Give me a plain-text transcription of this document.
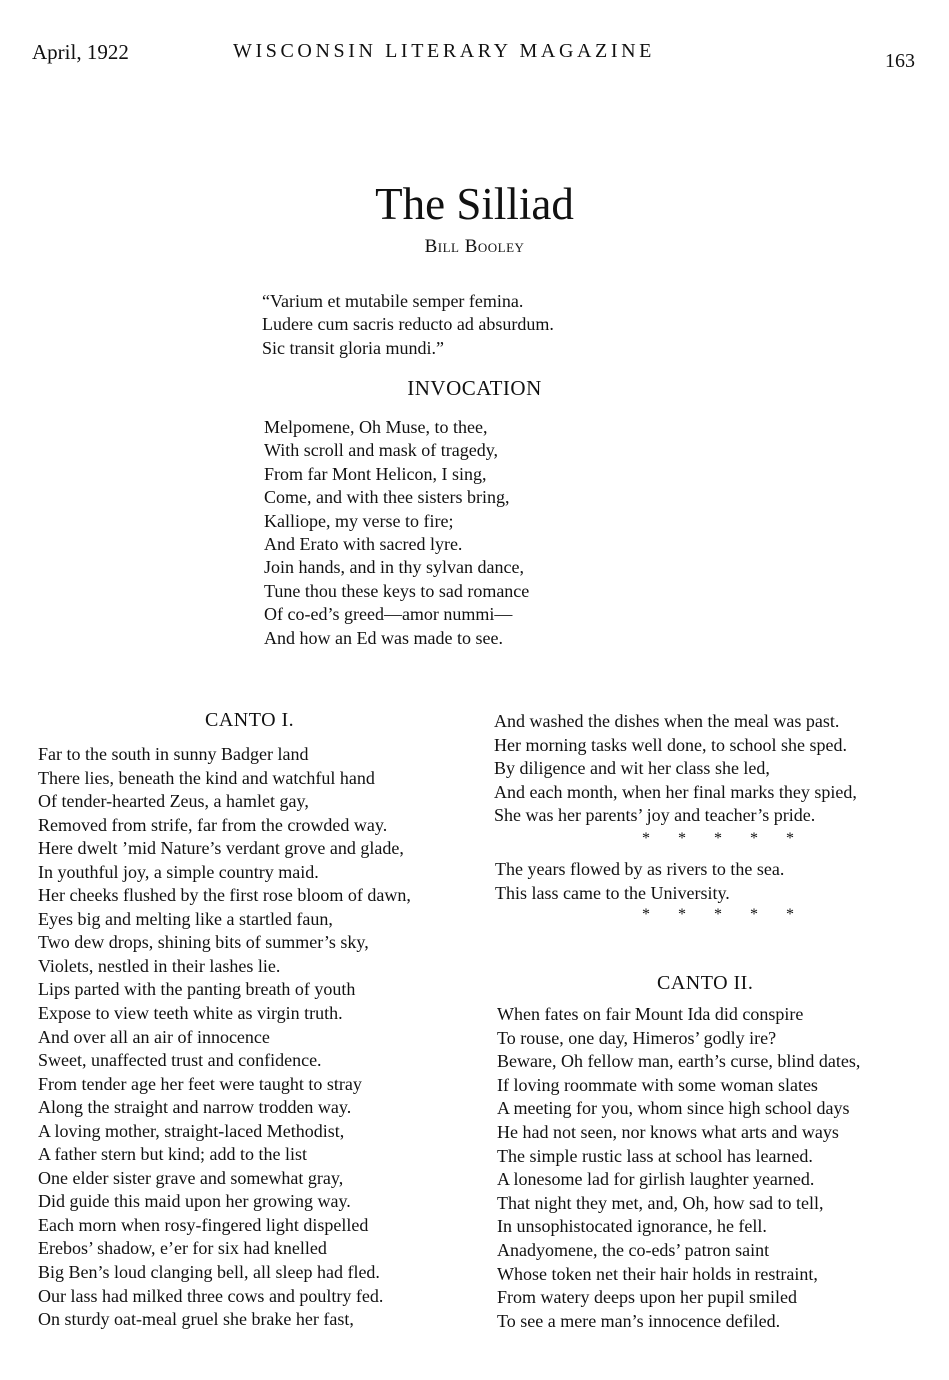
April, 1922	WISCONSIN LITERARY MAGAZINE	163
The Silliad
Bill Booley
“Varium et mutabile semper femina.
Ludere cum sacris reducto ad absurdum.
Sic transit gloria mundi.”
INVOCATION
Melpomene, Oh Muse, to thee,
With scroll and mask of tragedy,
From far Mont Helicon, I sing,
Come, and with thee sisters bring,
Kalliope, my verse to fire;
And Erato with sacred lyre.
Join hands, and in thy sylvan dance,
Tune thou these keys to sad romance
Of co-ed’s greed—amor nummi—
And how an Ed was made to see.
CANTO I.
Far to the south in sunny Badger land
There lies, beneath the kind and watchful hand
Of tender-hearted Zeus, a hamlet gay,
Removed from strife, far from the crowded way.
Here dwelt ’mid Nature’s verdant grove and glade,
In youthful joy, a simple country maid.
Her cheeks flushed by the first rose bloom of dawn,
Eyes big and melting like a startled faun,
Two dew drops, shining bits of summer’s sky,
Violets, nestled in their lashes lie.
Lips parted with the panting breath of youth
Expose to view teeth white as virgin truth.
And over all an air of innocence
Sweet, unaffected trust and confidence.
From tender age her feet were taught to stray
Along the straight and narrow trodden way.
A loving mother, straight-laced Methodist,
A father stern but kind; add to the list
One elder sister grave and somewhat gray,
Did guide this maid upon her growing way.
Each morn when rosy-fingered light dispelled
Erebos’ shadow, e’er for six had knelled
Big Ben’s loud clanging bell, all sleep had fled.
Our lass had milked three cows and poultry fed.
On sturdy oat-meal gruel she brake her fast,
And washed the dishes when the meal was past.
Her morning tasks well done, to school she sped.
By diligence and wit her class she led,
And each month, when her final marks they spied,
She was her parents’ joy and teacher’s pride.
* * * * *
The years flowed by as rivers to the sea.
This lass came to the University.
* * * * *
CANTO II.
When fates on fair Mount Ida did conspire
To rouse, one day, Himeros’ godly ire?
Beware, Oh fellow man, earth’s curse, blind dates,
If loving roommate with some woman slates
A meeting for you, whom since high school days
He had not seen, nor knows what arts and ways
The simple rustic lass at school has learned.
A lonesome lad for girlish laughter yearned.
That night they met, and, Oh, how sad to tell,
In unsophistocated ignorance, he fell.
Anadyomene, the co-eds’ patron saint
Whose token net their hair holds in restraint,
From watery deeps upon her pupil smiled
To see a mere man’s innocence defiled.
